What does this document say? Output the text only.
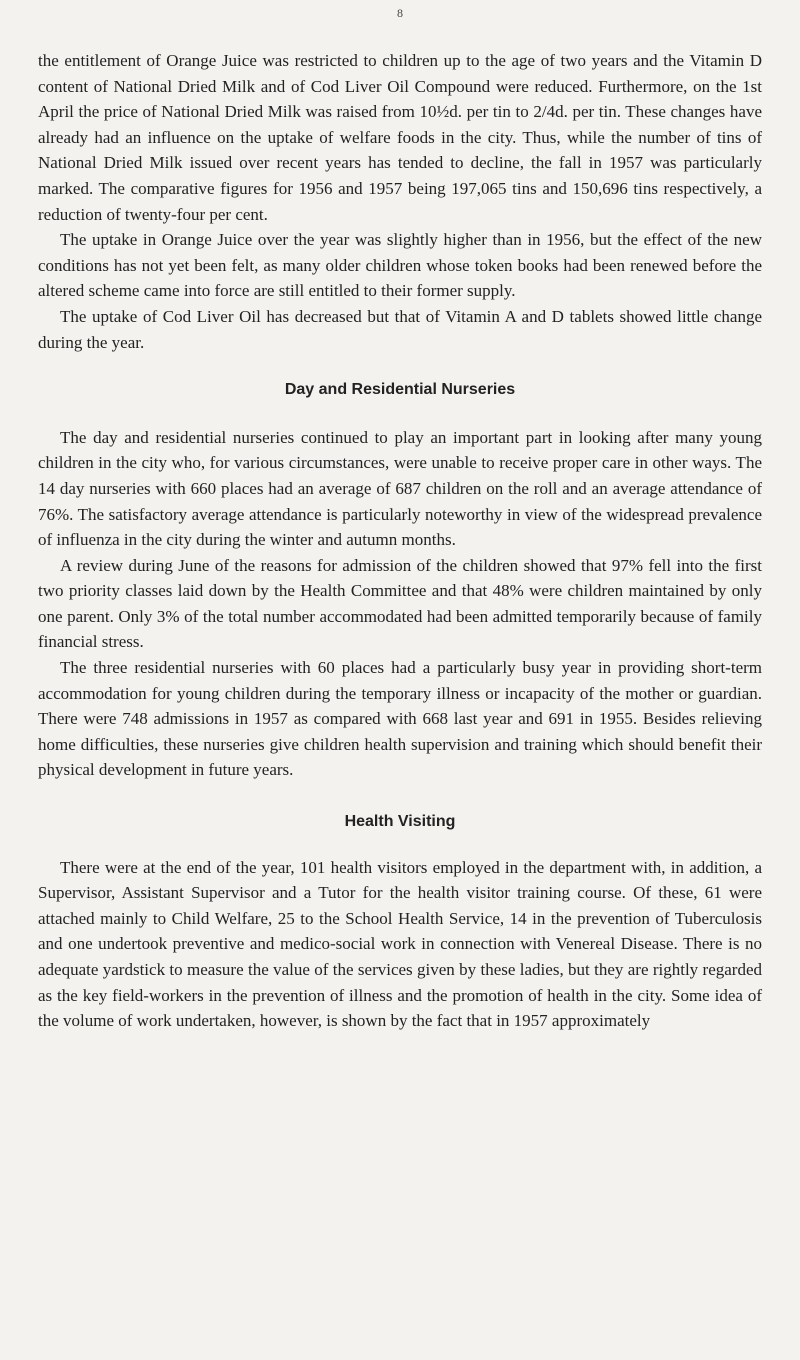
8

the entitlement of Orange Juice was restricted to children up to the age of two years and the Vitamin D content of National Dried Milk and of Cod Liver Oil Compound were reduced. Furthermore, on the 1st April the price of National Dried Milk was raised from 10½d. per tin to 2/4d. per tin. These changes have already had an influence on the uptake of welfare foods in the city. Thus, while the number of tins of National Dried Milk issued over recent years has tended to decline, the fall in 1957 was particularly marked. The comparative figures for 1956 and 1957 being 197,065 tins and 150,696 tins respectively, a reduction of twenty-four per cent.

The uptake in Orange Juice over the year was slightly higher than in 1956, but the effect of the new conditions has not yet been felt, as many older children whose token books had been renewed before the altered scheme came into force are still entitled to their former supply.

The uptake of Cod Liver Oil has decreased but that of Vitamin A and D tablets showed little change during the year.

Day and Residential Nurseries

The day and residential nurseries continued to play an important part in looking after many young children in the city who, for various circumstances, were unable to receive proper care in other ways. The 14 day nurseries with 660 places had an average of 687 children on the roll and an average attendance of 76%. The satisfactory average attendance is particularly noteworthy in view of the widespread prevalence of influenza in the city during the winter and autumn months.

A review during June of the reasons for admission of the children showed that 97% fell into the first two priority classes laid down by the Health Committee and that 48% were children maintained by only one parent. Only 3% of the total number accommodated had been admitted temporarily because of family financial stress.

The three residential nurseries with 60 places had a particularly busy year in providing short-term accommodation for young children during the temporary illness or incapacity of the mother or guardian. There were 748 admissions in 1957 as compared with 668 last year and 691 in 1955. Besides relieving home difficulties, these nurseries give children health supervision and training which should benefit their physical development in future years.

Health Visiting

There were at the end of the year, 101 health visitors employed in the department with, in addition, a Supervisor, Assistant Supervisor and a Tutor for the health visitor training course. Of these, 61 were attached mainly to Child Welfare, 25 to the School Health Service, 14 in the prevention of Tuberculosis and one undertook preventive and medico-social work in connection with Venereal Disease. There is no adequate yardstick to measure the value of the services given by these ladies, but they are rightly regarded as the key field-workers in the prevention of illness and the promotion of health in the city. Some idea of the volume of work undertaken, however, is shown by the fact that in 1957 approximately
